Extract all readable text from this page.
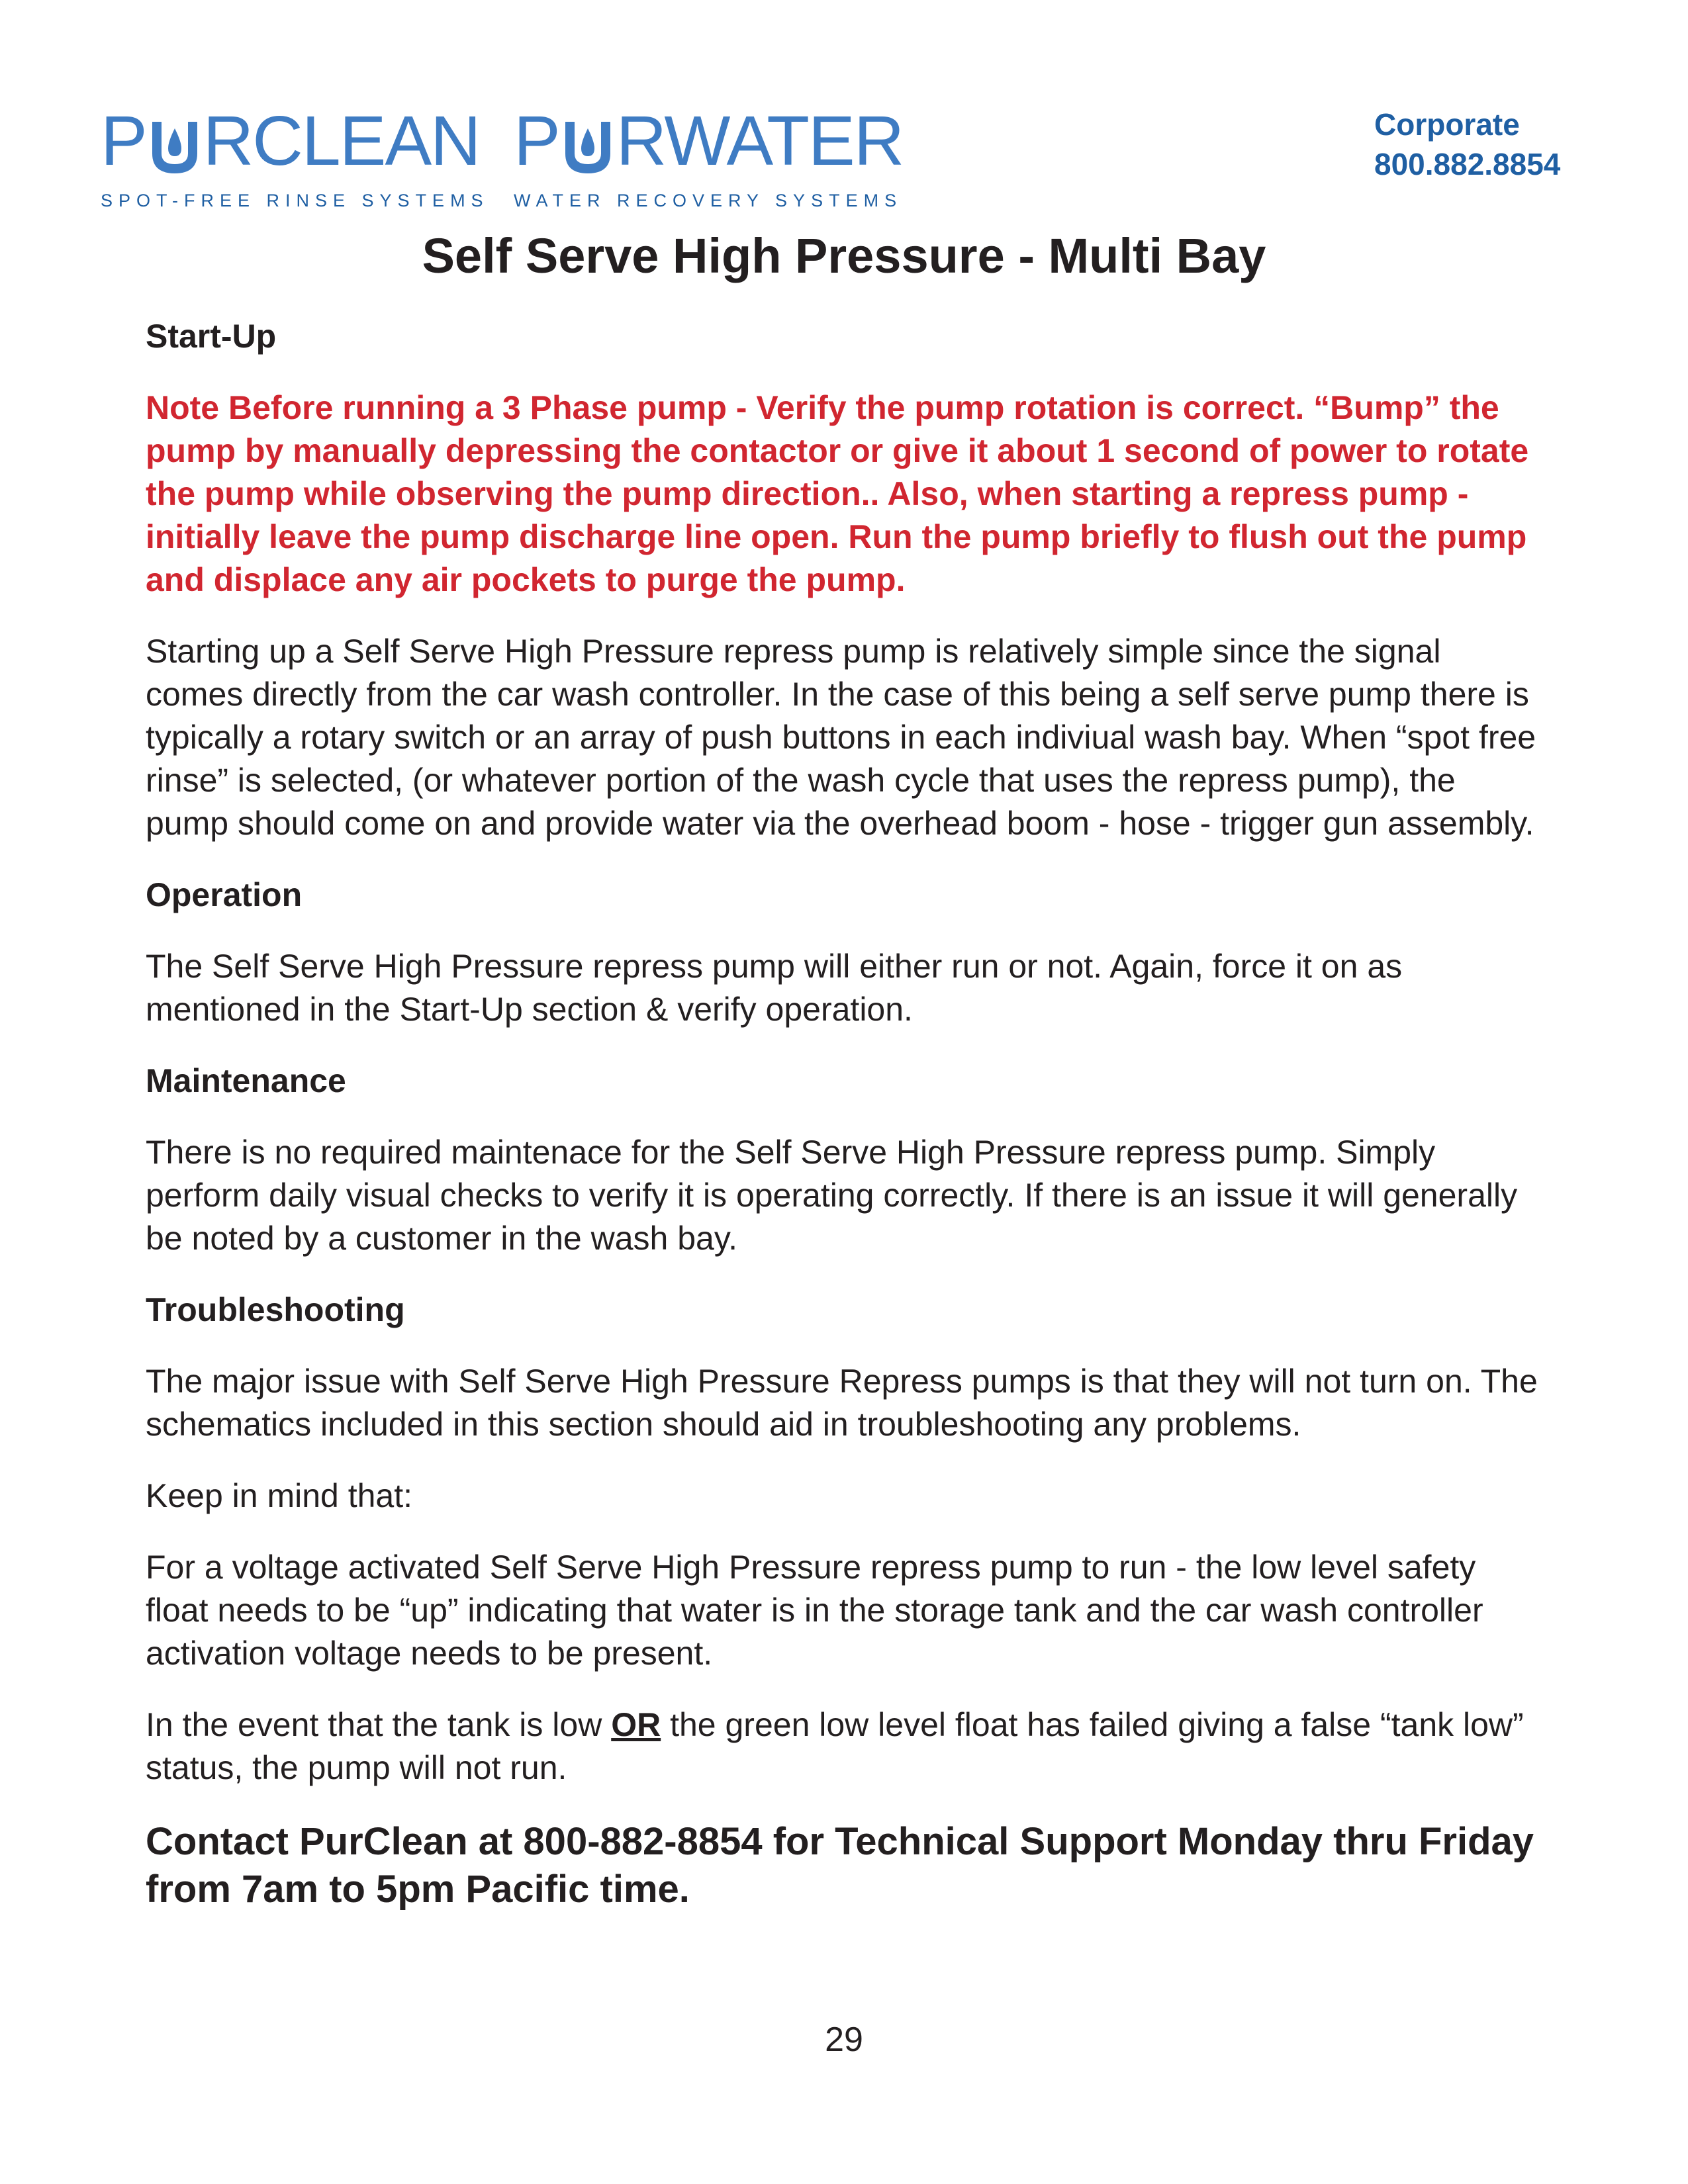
P RCLEAN
SPOT-FREE RINSE SYSTEMS
P RWATER
WATER RECOVERY SYSTEMS
Corporate
800.882.8854
Self Serve High Pressure - Multi Bay

Start-Up

Note Before running a 3 Phase pump - Verify the pump rotation is correct. “Bump” the pump by manually depressing the contactor or give it about 1 second of power to rotate the pump while observing the pump direction.. Also, when starting a repress pump - initially leave the pump discharge line open. Run the pump briefly to flush out the pump and displace any air pockets to purge the pump.

Starting up a Self Serve High Pressure repress pump is relatively simple since the signal comes directly from the car wash controller. In the case of this being a self serve pump there is typically a rotary switch or an array of push buttons in each indiviual wash bay. When “spot free rinse” is selected, (or whatever portion of the wash cycle that uses the repress pump), the pump should come on and provide water via the overhead boom - hose - trigger gun assembly.

Operation

The Self Serve High Pressure repress pump will either run or not. Again, force it on as mentioned in the Start-Up section & verify operation.

Maintenance

There is no required maintenace for the Self Serve High Pressure repress pump. Simply perform daily visual checks to verify it is operating correctly. If there is an issue it will generally be noted by a customer in the wash bay.

Troubleshooting

The major issue with Self Serve High Pressure Repress pumps is that they will not turn on. The schematics included in this section should aid in troubleshooting any problems.

Keep in mind that:

For a voltage activated Self Serve High Pressure repress pump to run - the low level safety float needs to be “up” indicating that water is in the storage tank and the car wash controller activation voltage needs to be present.

In the event that the tank is low OR the green low level float has failed giving a false “tank low” status, the pump will not run.

Contact PurClean at 800-882-8854 for Technical Support Monday thru Friday from 7am to 5pm Pacific time.

29
